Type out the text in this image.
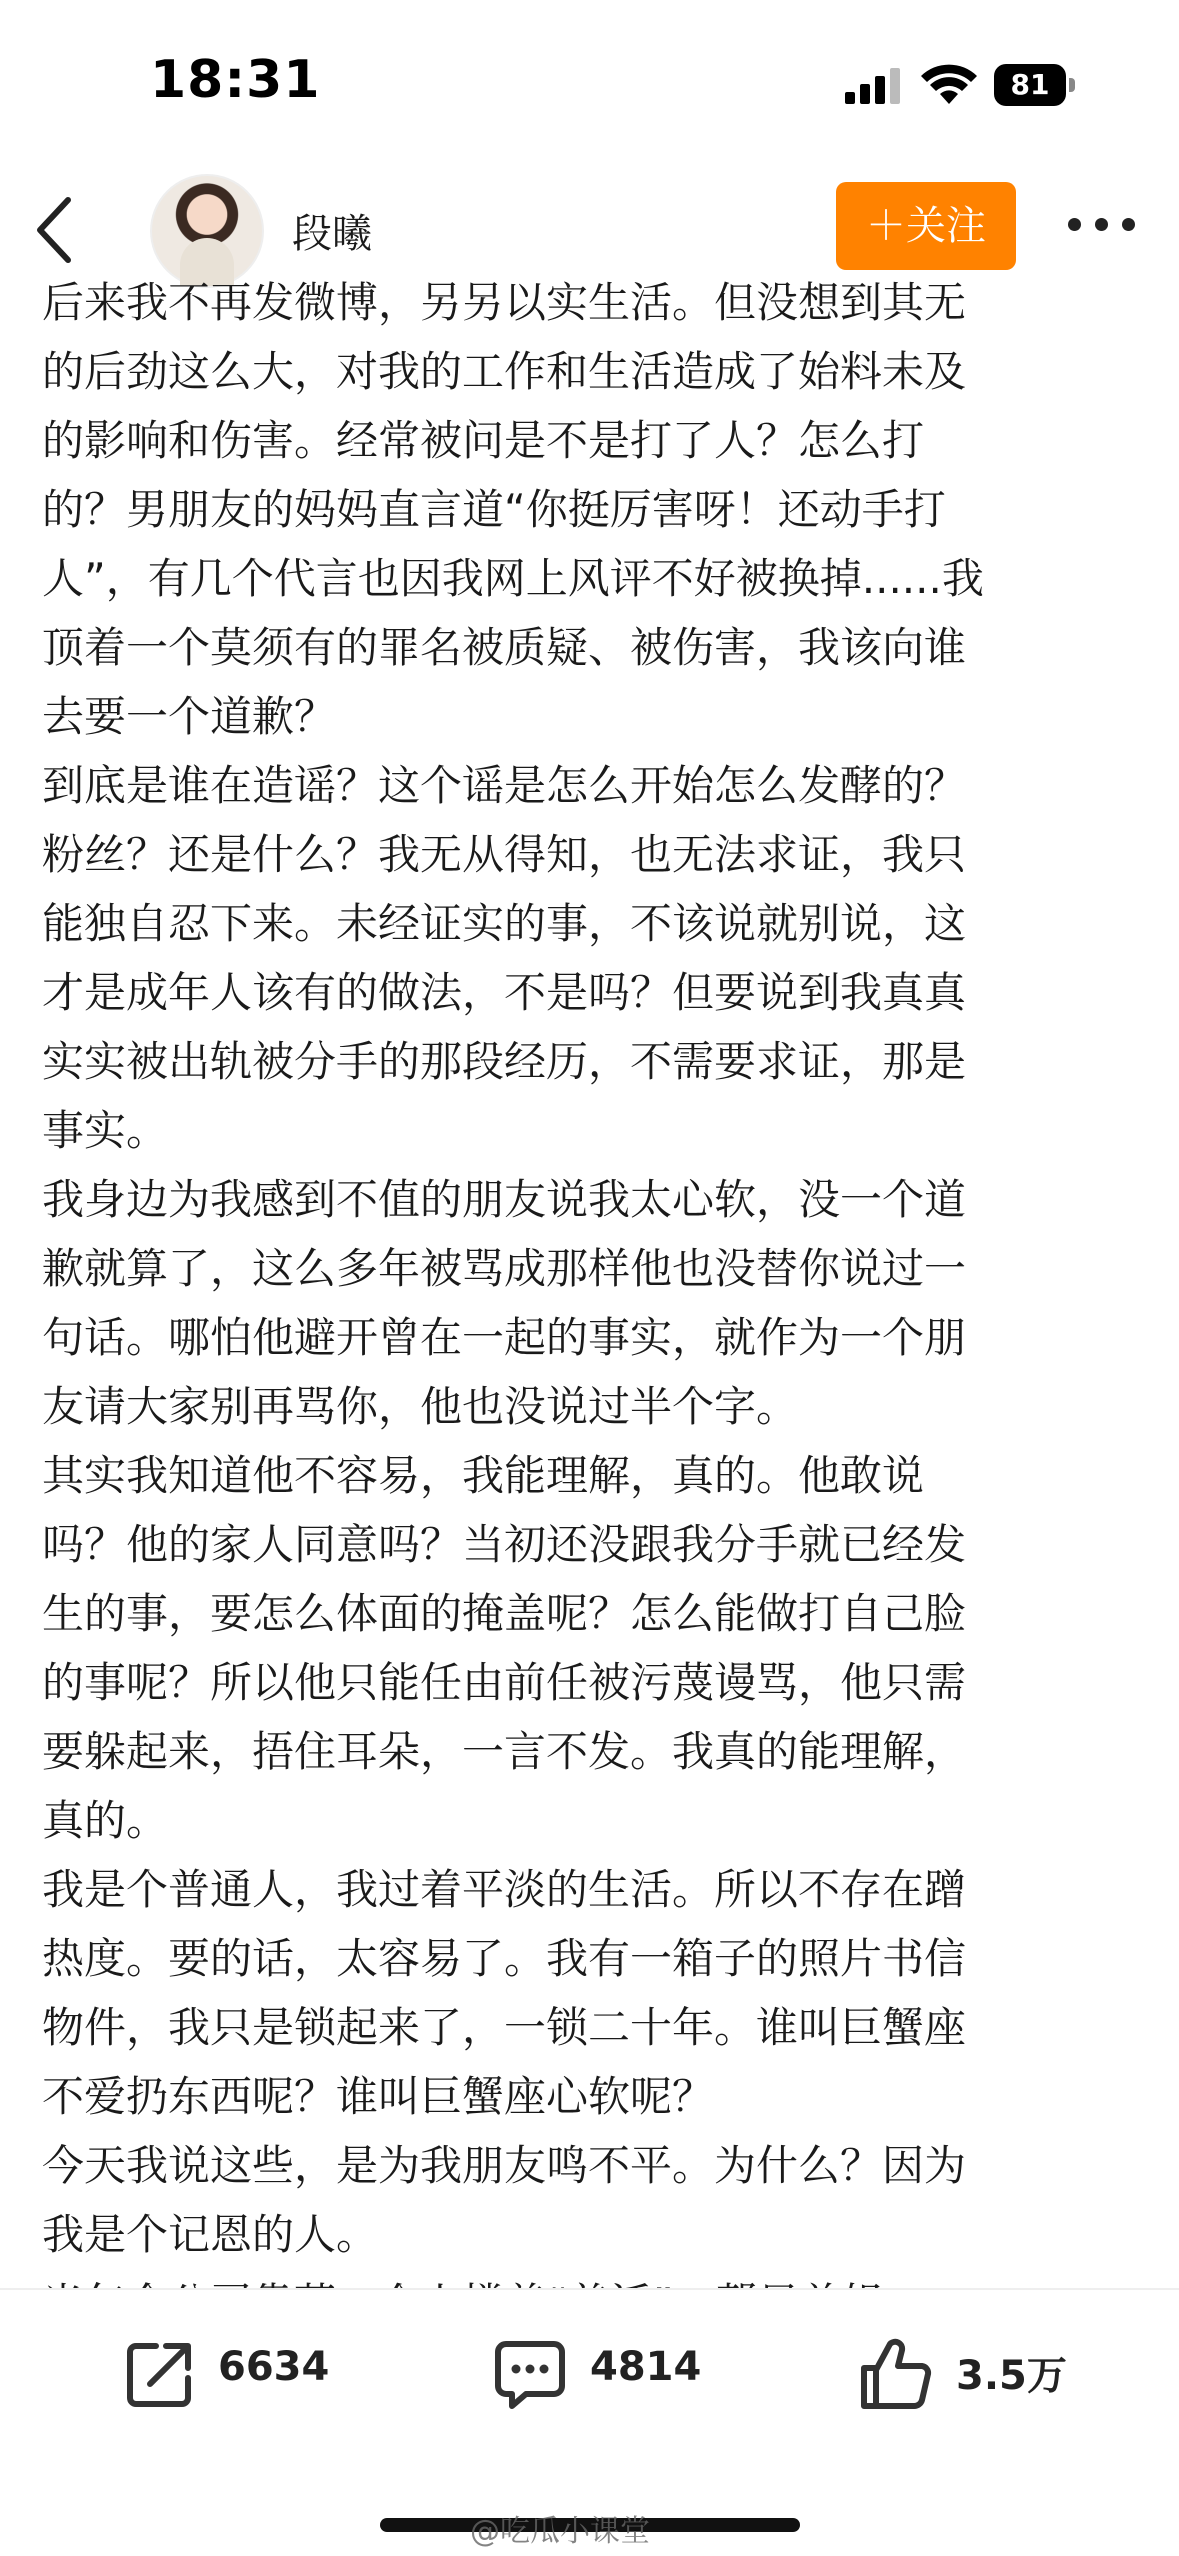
18:31	81
段曦	＋关注

后来我不再发微博，另另以实生活。但没想到其无

的后劲这么大，对我的工作和生活造成了始料未及

的影响和伤害。经常被问是不是打了人？怎么打

的？男朋友的妈妈直言道“你挺厉害呀！还动手打

人”，有几个代言也因我网上风评不好被换掉......我

顶着一个莫须有的罪名被质疑、被伤害，我该向谁

去要一个道歉？

到底是谁在造谣？这个谣是怎么开始怎么发酵的？

粉丝？还是什么？我无从得知，也无法求证，我只

能独自忍下来。未经证实的事，不该说就别说，这

才是成年人该有的做法，不是吗？但要说到我真真

实实被出轨被分手的那段经历，不需要求证，那是

事实。

我身边为我感到不值的朋友说我太心软，没一个道

歉就算了，这么多年被骂成那样他也没替你说过一

句话。哪怕他避开曾在一起的事实，就作为一个朋

友请大家别再骂你，他也没说过半个字。

其实我知道他不容易，我能理解，真的。他敢说

吗？他的家人同意吗？当初还没跟我分手就已经发

生的事，要怎么体面的掩盖呢？怎么能做打自己脸

的事呢？所以他只能任由前任被污蔑谩骂，他只需

要躲起来，捂住耳朵，一言不发。我真的能理解，

真的。

我是个普通人，我过着平淡的生活。所以不存在蹭

热度。要的话，太容易了。我有一箱子的照片书信

物件，我只是锁起来了，一锁二十年。谁叫巨蟹座

不爱扔东西呢？谁叫巨蟹座心软呢？

今天我说这些，是为我朋友鸣不平。为什么？因为

我是个记恩的人。

6634	4814	3.5万
@吃瓜小课堂
